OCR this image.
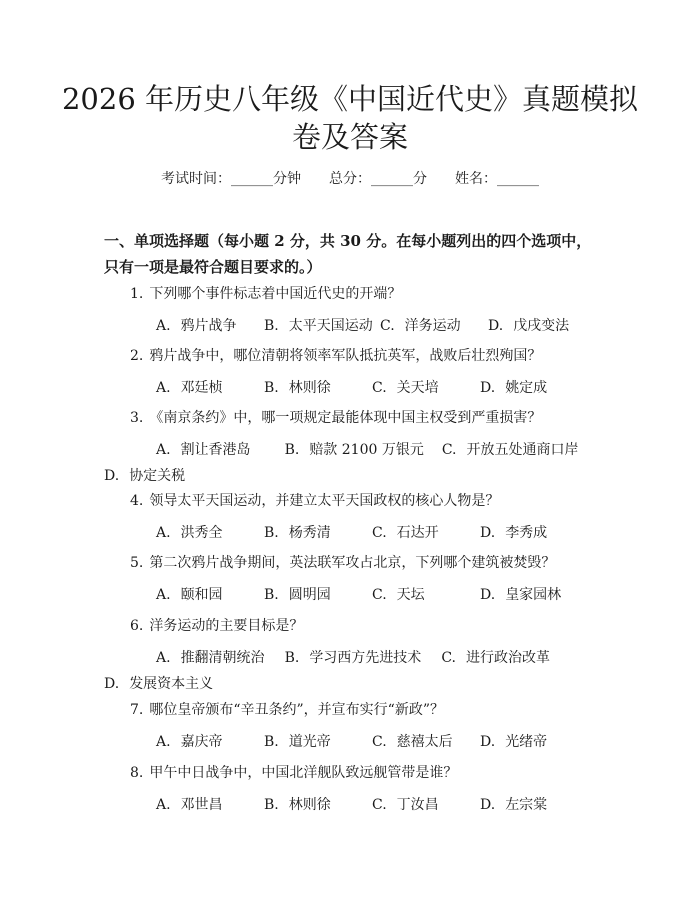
2026 年历史八年级《中国近代史》真题模拟
卷及答案
考试时间：______分钟 总分：______分 姓名：______
一、单项选择题（每小题 2 分，共 30 分。在每小题列出的四个选项中，只有一项是最符合题目要求的。）
1. 下列哪个事件标志着中国近代史的开端？
A. 鸦片战争 B. 太平天国运动 C. 洋务运动 D. 戊戌变法
2. 鸦片战争中，哪位清朝将领率军队抵抗英军，战败后壮烈殉国？
A. 邓廷桢	B. 林则徐	C. 关天培	D. 姚定成
3. 《南京条约》中，哪一项规定最能体现中国主权受到严重损害？
A. 割让香港岛 B. 赔款 2100 万银元 C. 开放五处通商口岸D. 协定关税
4. 领导太平天国运动，并建立太平天国政权的核心人物是？
A. 洪秀全	B. 杨秀清	C. 石达开	D. 李秀成
5. 第二次鸦片战争期间，英法联军攻占北京，下列哪个建筑被焚毁？
A. 颐和园	B. 圆明园	C. 天坛	D. 皇家园林
6. 洋务运动的主要目标是？
A. 推翻清朝统治 B. 学习西方先进技术 C. 进行政治改革D. 发展资本主义
7. 哪位皇帝颁布“辛丑条约”，并宣布实行“新政”？
A. 嘉庆帝	B. 道光帝	C. 慈禧太后 D. 光绪帝
8. 甲午中日战争中，中国北洋舰队致远舰管带是谁？
A. 邓世昌	B. 林则徐	C. 丁汝昌	D. 左宗棠
